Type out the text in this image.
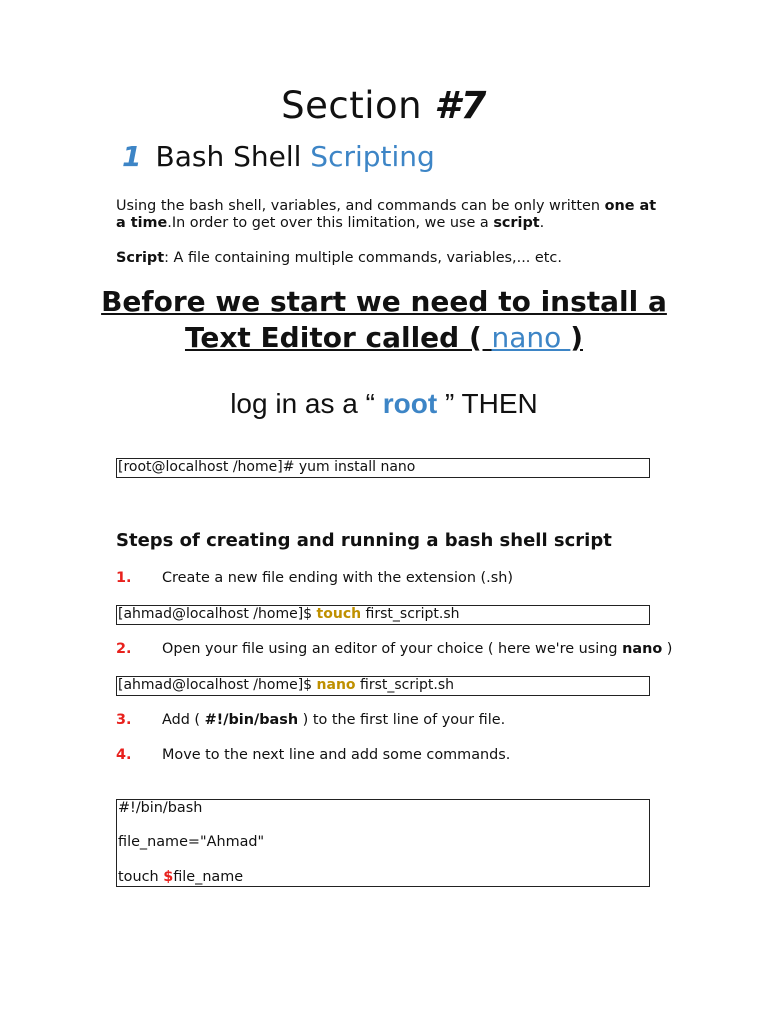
Section #7
1 Bash Shell Scripting
Using the bash shell, variables, and commands can be only written one at a time.In order to get over this limitation, we use a script.
Script: A file containing multiple commands, variables,... etc.
Before we start we need to install a
Text Editor called ( nano )
log in as a “ root ” THEN
[root@localhost /home]# yum install nano
Steps of creating and running a bash shell script
1. Create a new file ending with the extension (.sh)
[ahmad@localhost /home]$ touch first_script.sh
2. Open your file using an editor of your choice ( here we're using nano )
[ahmad@localhost /home]$ nano first_script.sh
3. Add ( #!/bin/bash ) to the first line of your file.
4. Move to the next line and add some commands.
#!/bin/bash
file_name="Ahmad"
touch $file_name
